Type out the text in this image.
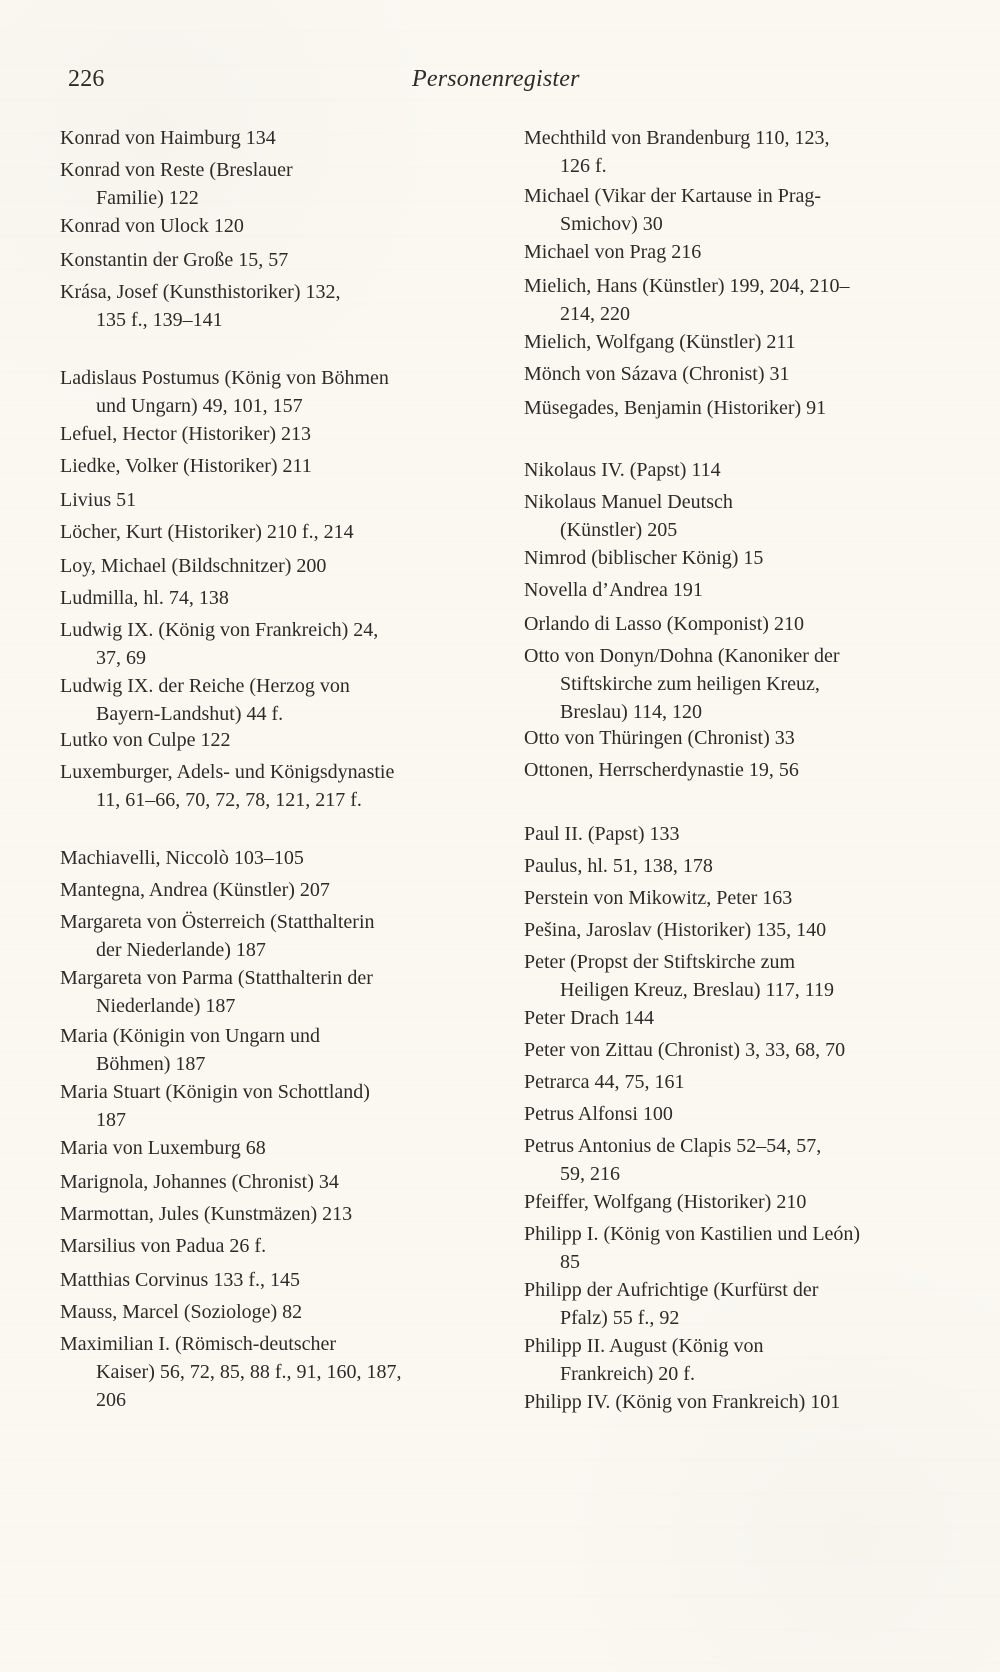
226	Personenregister
Konrad von Haimburg 134
Konrad von Reste (Breslauer
Familie) 122
Konrad von Ulock 120
Konstantin der Große 15, 57
Krása, Josef (Kunsthistoriker) 132,
135 f., 139–141
Ladislaus Postumus (König von Böhmen
und Ungarn) 49, 101, 157
Lefuel, Hector (Historiker) 213
Liedke, Volker (Historiker) 211
Livius 51
Löcher, Kurt (Historiker) 210 f., 214
Loy, Michael (Bildschnitzer) 200
Ludmilla, hl. 74, 138
Ludwig IX. (König von Frankreich) 24,
37, 69
Ludwig IX. der Reiche (Herzog von
Bayern-Landshut) 44 f.
Lutko von Culpe 122
Luxemburger, Adels- und Königsdynastie
11, 61–66, 70, 72, 78, 121, 217 f.
Machiavelli, Niccolò 103–105
Mantegna, Andrea (Künstler) 207
Margareta von Österreich (Statthalterin
der Niederlande) 187
Margareta von Parma (Statthalterin der
Niederlande) 187
Maria (Königin von Ungarn und
Böhmen) 187
Maria Stuart (Königin von Schottland)
187
Maria von Luxemburg 68
Marignola, Johannes (Chronist) 34
Marmottan, Jules (Kunstmäzen) 213
Marsilius von Padua 26 f.
Matthias Corvinus 133 f., 145
Mauss, Marcel (Soziologe) 82
Maximilian I. (Römisch-deutscher
Kaiser) 56, 72, 85, 88 f., 91, 160, 187,
206
Mechthild von Brandenburg 110, 123,
126 f.
Michael (Vikar der Kartause in Prag-
Smichov) 30
Michael von Prag 216
Mielich, Hans (Künstler) 199, 204, 210–
214, 220
Mielich, Wolfgang (Künstler) 211
Mönch von Sázava (Chronist) 31
Müsegades, Benjamin (Historiker) 91
Nikolaus IV. (Papst) 114
Nikolaus Manuel Deutsch
(Künstler) 205
Nimrod (biblischer König) 15
Novella d’Andrea 191
Orlando di Lasso (Komponist) 210
Otto von Donyn/Dohna (Kanoniker der
Stiftskirche zum heiligen Kreuz,
Breslau) 114, 120
Otto von Thüringen (Chronist) 33
Ottonen, Herrscherdynastie 19, 56
Paul II. (Papst) 133
Paulus, hl. 51, 138, 178
Perstein von Mikowitz, Peter 163
Pešina, Jaroslav (Historiker) 135, 140
Peter (Propst der Stiftskirche zum
Heiligen Kreuz, Breslau) 117, 119
Peter Drach 144
Peter von Zittau (Chronist) 3, 33, 68, 70
Petrarca 44, 75, 161
Petrus Alfonsi 100
Petrus Antonius de Clapis 52–54, 57,
59, 216
Pfeiffer, Wolfgang (Historiker) 210
Philipp I. (König von Kastilien und León)
85
Philipp der Aufrichtige (Kurfürst der
Pfalz) 55 f., 92
Philipp II. August (König von
Frankreich) 20 f.
Philipp IV. (König von Frankreich) 101
